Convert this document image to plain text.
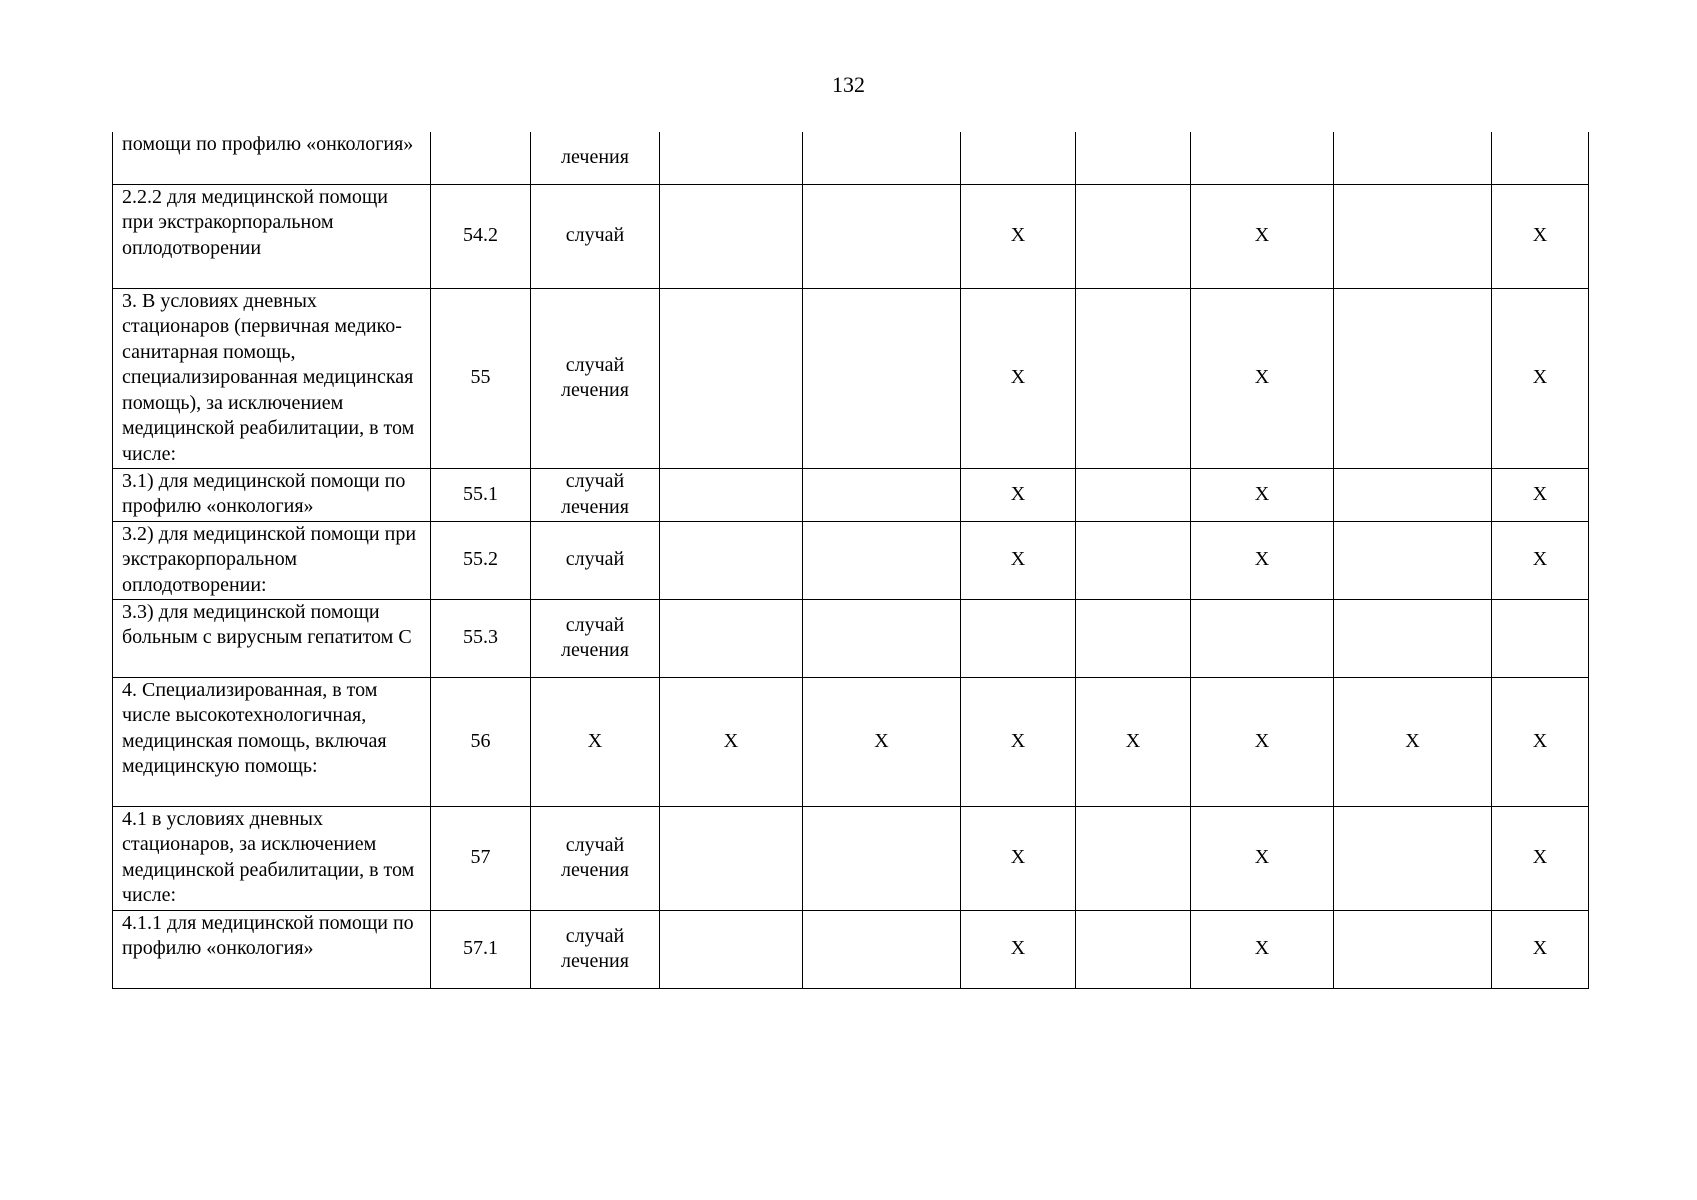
132
помощи по профилю «онкология»		лечения							
2.2.2 для медицинской помощи при экстракорпоральном оплодотворении	54.2	случай			X		X		X
3. В условиях дневных стационаров (первичная медико-санитарная помощь, специализированная медицинская помощь), за исключением медицинской реабилитации, в том числе:	55	случай лечения			X		X		X
3.1) для медицинской помощи по профилю «онкология»	55.1	случай лечения			X		X		X
3.2) для медицинской помощи при экстракорпоральном оплодотворении:	55.2	случай			X		X		X
3.3) для медицинской помощи больным с вирусным гепатитом С	55.3	случай лечения							
4. Специализированная, в том числе высокотехнологичная, медицинская помощь, включая медицинскую помощь:	56	X	X	X	X	X	X	X	X
4.1 в условиях дневных стационаров, за исключением медицинской реабилитации, в том числе:	57	случай лечения			X		X		X
4.1.1 для медицинской помощи по профилю «онкология»	57.1	случай лечения			X		X		X
